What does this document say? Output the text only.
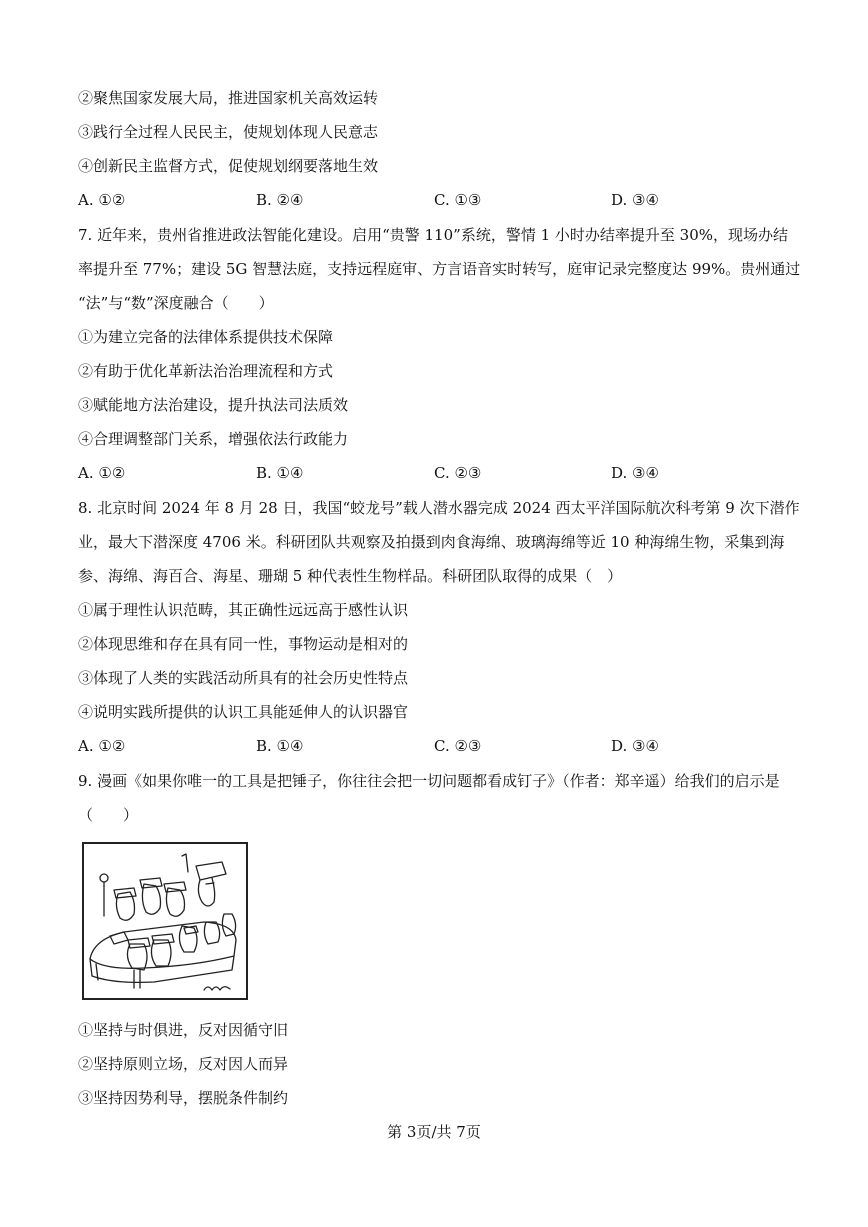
②聚焦国家发展大局，推进国家机关高效运转
③践行全过程人民民主，使规划体现人民意志
④创新民主监督方式，促使规划纲要落地生效
A. ①②	B. ②④	C. ①③	D. ③④
7. 近年来，贵州省推进政法智能化建设。启用“贵警 110”系统，警情 1 小时办结率提升至 30%，现场办结
率提升至 77%；建设 5G 智慧法庭，支持远程庭审、方言语音实时转写，庭审记录完整度达 99%。贵州通过
“法”与“数”深度融合（　　）
①为建立完备的法律体系提供技术保障
②有助于优化革新法治治理流程和方式
③赋能地方法治建设，提升执法司法质效
④合理调整部门关系，增强依法行政能力
A. ①②	B. ①④	C. ②③	D. ③④
8. 北京时间 2024 年 8 月 28 日，我国“蛟龙号”载人潜水器完成 2024 西太平洋国际航次科考第 9 次下潜作
业，最大下潜深度 4706 米。科研团队共观察及拍摄到肉食海绵、玻璃海绵等近 10 种海绵生物，采集到海
参、海绵、海百合、海星、珊瑚 5 种代表性生物样品。科研团队取得的成果（　）
①属于理性认识范畴，其正确性远远高于感性认识
②体现思维和存在具有同一性，事物运动是相对的
③体现了人类的实践活动所具有的社会历史性特点
④说明实践所提供的认识工具能延伸人的认识器官
A. ①②	B. ①④	C. ②③	D. ③④
9. 漫画《如果你唯一的工具是把锤子，你往往会把一切问题都看成钉子》（作者：郑辛遥）给我们的启示是
（　　）
①坚持与时俱进，反对因循守旧
②坚持原则立场，反对因人而异
③坚持因势利导，摆脱条件制约
第 3页/共 7页
